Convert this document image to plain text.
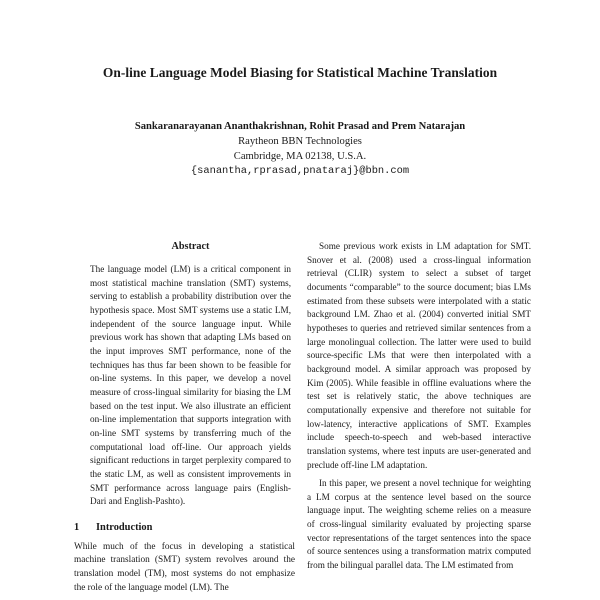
On-line Language Model Biasing for Statistical Machine Translation
Sankaranarayanan Ananthakrishnan, Rohit Prasad and Prem Natarajan
Raytheon BBN Technologies
Cambridge, MA 02138, U.S.A.
{sanantha,rprasad,pnataraj}@bbn.com
Abstract

The language model (LM) is a critical component in most statistical machine translation (SMT) systems, serving to establish a probability distribution over the hypothesis space. Most SMT systems use a static LM, independent of the source language input. While previous work has shown that adapting LMs based on the input improves SMT performance, none of the techniques has thus far been shown to be feasible for on-line systems. In this paper, we develop a novel measure of cross-lingual similarity for biasing the LM based on the test input. We also illustrate an efficient on-line implementation that supports integration with on-line SMT systems by transferring much of the computational load off-line. Our approach yields significant reductions in target perplexity compared to the static LM, as well as consistent improvements in SMT performance across language pairs (English-Dari and English-Pashto).

1 Introduction

While much of the focus in developing a statistical machine translation (SMT) system revolves around the translation model (TM), most systems do not emphasize the role of the language model (LM). The

Some previous work exists in LM adaptation for SMT. Snover et al. (2008) used a cross-lingual information retrieval (CLIR) system to select a subset of target documents “comparable” to the source document; bias LMs estimated from these subsets were interpolated with a static background LM. Zhao et al. (2004) converted initial SMT hypotheses to queries and retrieved similar sentences from a large monolingual collection. The latter were used to build source-specific LMs that were then interpolated with a background model. A similar approach was proposed by Kim (2005). While feasible in offline evaluations where the test set is relatively static, the above techniques are computationally expensive and therefore not suitable for low-latency, interactive applications of SMT. Examples include speech-to-speech and web-based interactive translation systems, where test inputs are user-generated and preclude off-line LM adaptation.

In this paper, we present a novel technique for weighting a LM corpus at the sentence level based on the source language input. The weighting scheme relies on a measure of cross-lingual similarity evaluated by projecting sparse vector representations of the target sentences into the space of source sentences using a transformation matrix computed from the bilingual parallel data. The LM estimated from
